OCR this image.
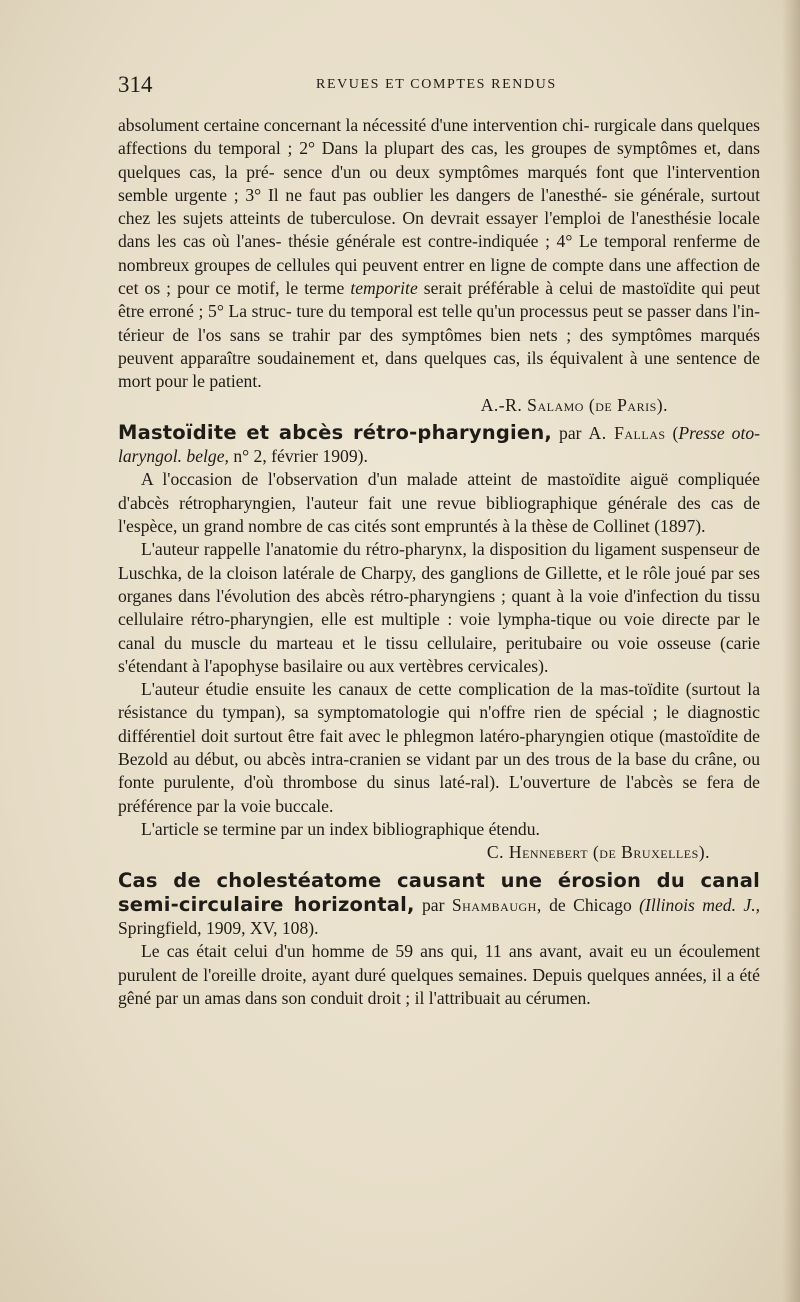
314	REVUES ET COMPTES RENDUS

absolument certaine concernant la nécessité d'une intervention chi- rurgicale dans quelques affections du temporal ; 2° Dans la plupart des cas, les groupes de symptômes et, dans quelques cas, la pré- sence d'un ou deux symptômes marqués font que l'intervention semble urgente ; 3° Il ne faut pas oublier les dangers de l'anesthé- sie générale, surtout chez les sujets atteints de tuberculose. On devrait essayer l'emploi de l'anesthésie locale dans les cas où l'anes- thésie générale est contre-indiquée ; 4° Le temporal renferme de nombreux groupes de cellules qui peuvent entrer en ligne de compte dans une affection de cet os ; pour ce motif, le terme temporite serait préférable à celui de mastoïdite qui peut être erroné ; 5° La struc- ture du temporal est telle qu'un processus peut se passer dans l'in- térieur de l'os sans se trahir par des symptômes bien nets ; des symptômes marqués peuvent apparaître soudainement et, dans quelques cas, ils équivalent à une sentence de mort pour le patient.

A.-R. Salamo (de Paris).

Mastoïdite et abcès rétro-pharyngien, par A. Fallas (Presse oto-laryngol. belge, n° 2, février 1909).

A l'occasion de l'observation d'un malade atteint de mastoïdite aiguë compliquée d'abcès rétropharyngien, l'auteur fait une revue bibliographique générale des cas de l'espèce, un grand nombre de cas cités sont empruntés à la thèse de Collinet (1897).

L'auteur rappelle l'anatomie du rétro-pharynx, la disposition du ligament suspenseur de Luschka, de la cloison latérale de Charpy, des ganglions de Gillette, et le rôle joué par ses organes dans l'évolution des abcès rétro-pharyngiens ; quant à la voie d'infection du tissu cellulaire rétro-pharyngien, elle est multiple : voie lympha-tique ou voie directe par le canal du muscle du marteau et le tissu cellulaire, peritubaire ou voie osseuse (carie s'étendant à l'apophyse basilaire ou aux vertèbres cervicales).

L'auteur étudie ensuite les canaux de cette complication de la mas-toïdite (surtout la résistance du tympan), sa symptomatologie qui n'offre rien de spécial ; le diagnostic différentiel doit surtout être fait avec le phlegmon latéro-pharyngien otique (mastoïdite de Bezold au début, ou abcès intra-cranien se vidant par un des trous de la base du crâne, ou fonte purulente, d'où thrombose du sinus laté-ral). L'ouverture de l'abcès se fera de préférence par la voie buccale.

L'article se termine par un index bibliographique étendu.

C. Hennebert (de Bruxelles).

Cas de cholestéatome causant une érosion du canal semi-circulaire horizontal, par Shambaugh, de Chicago (Illinois med. J., Springfield, 1909, XV, 108).

Le cas était celui d'un homme de 59 ans qui, 11 ans avant, avait eu un écoulement purulent de l'oreille droite, ayant duré quelques semaines. Depuis quelques années, il a été gêné par un amas dans son conduit droit ; il l'attribuait au cérumen.
